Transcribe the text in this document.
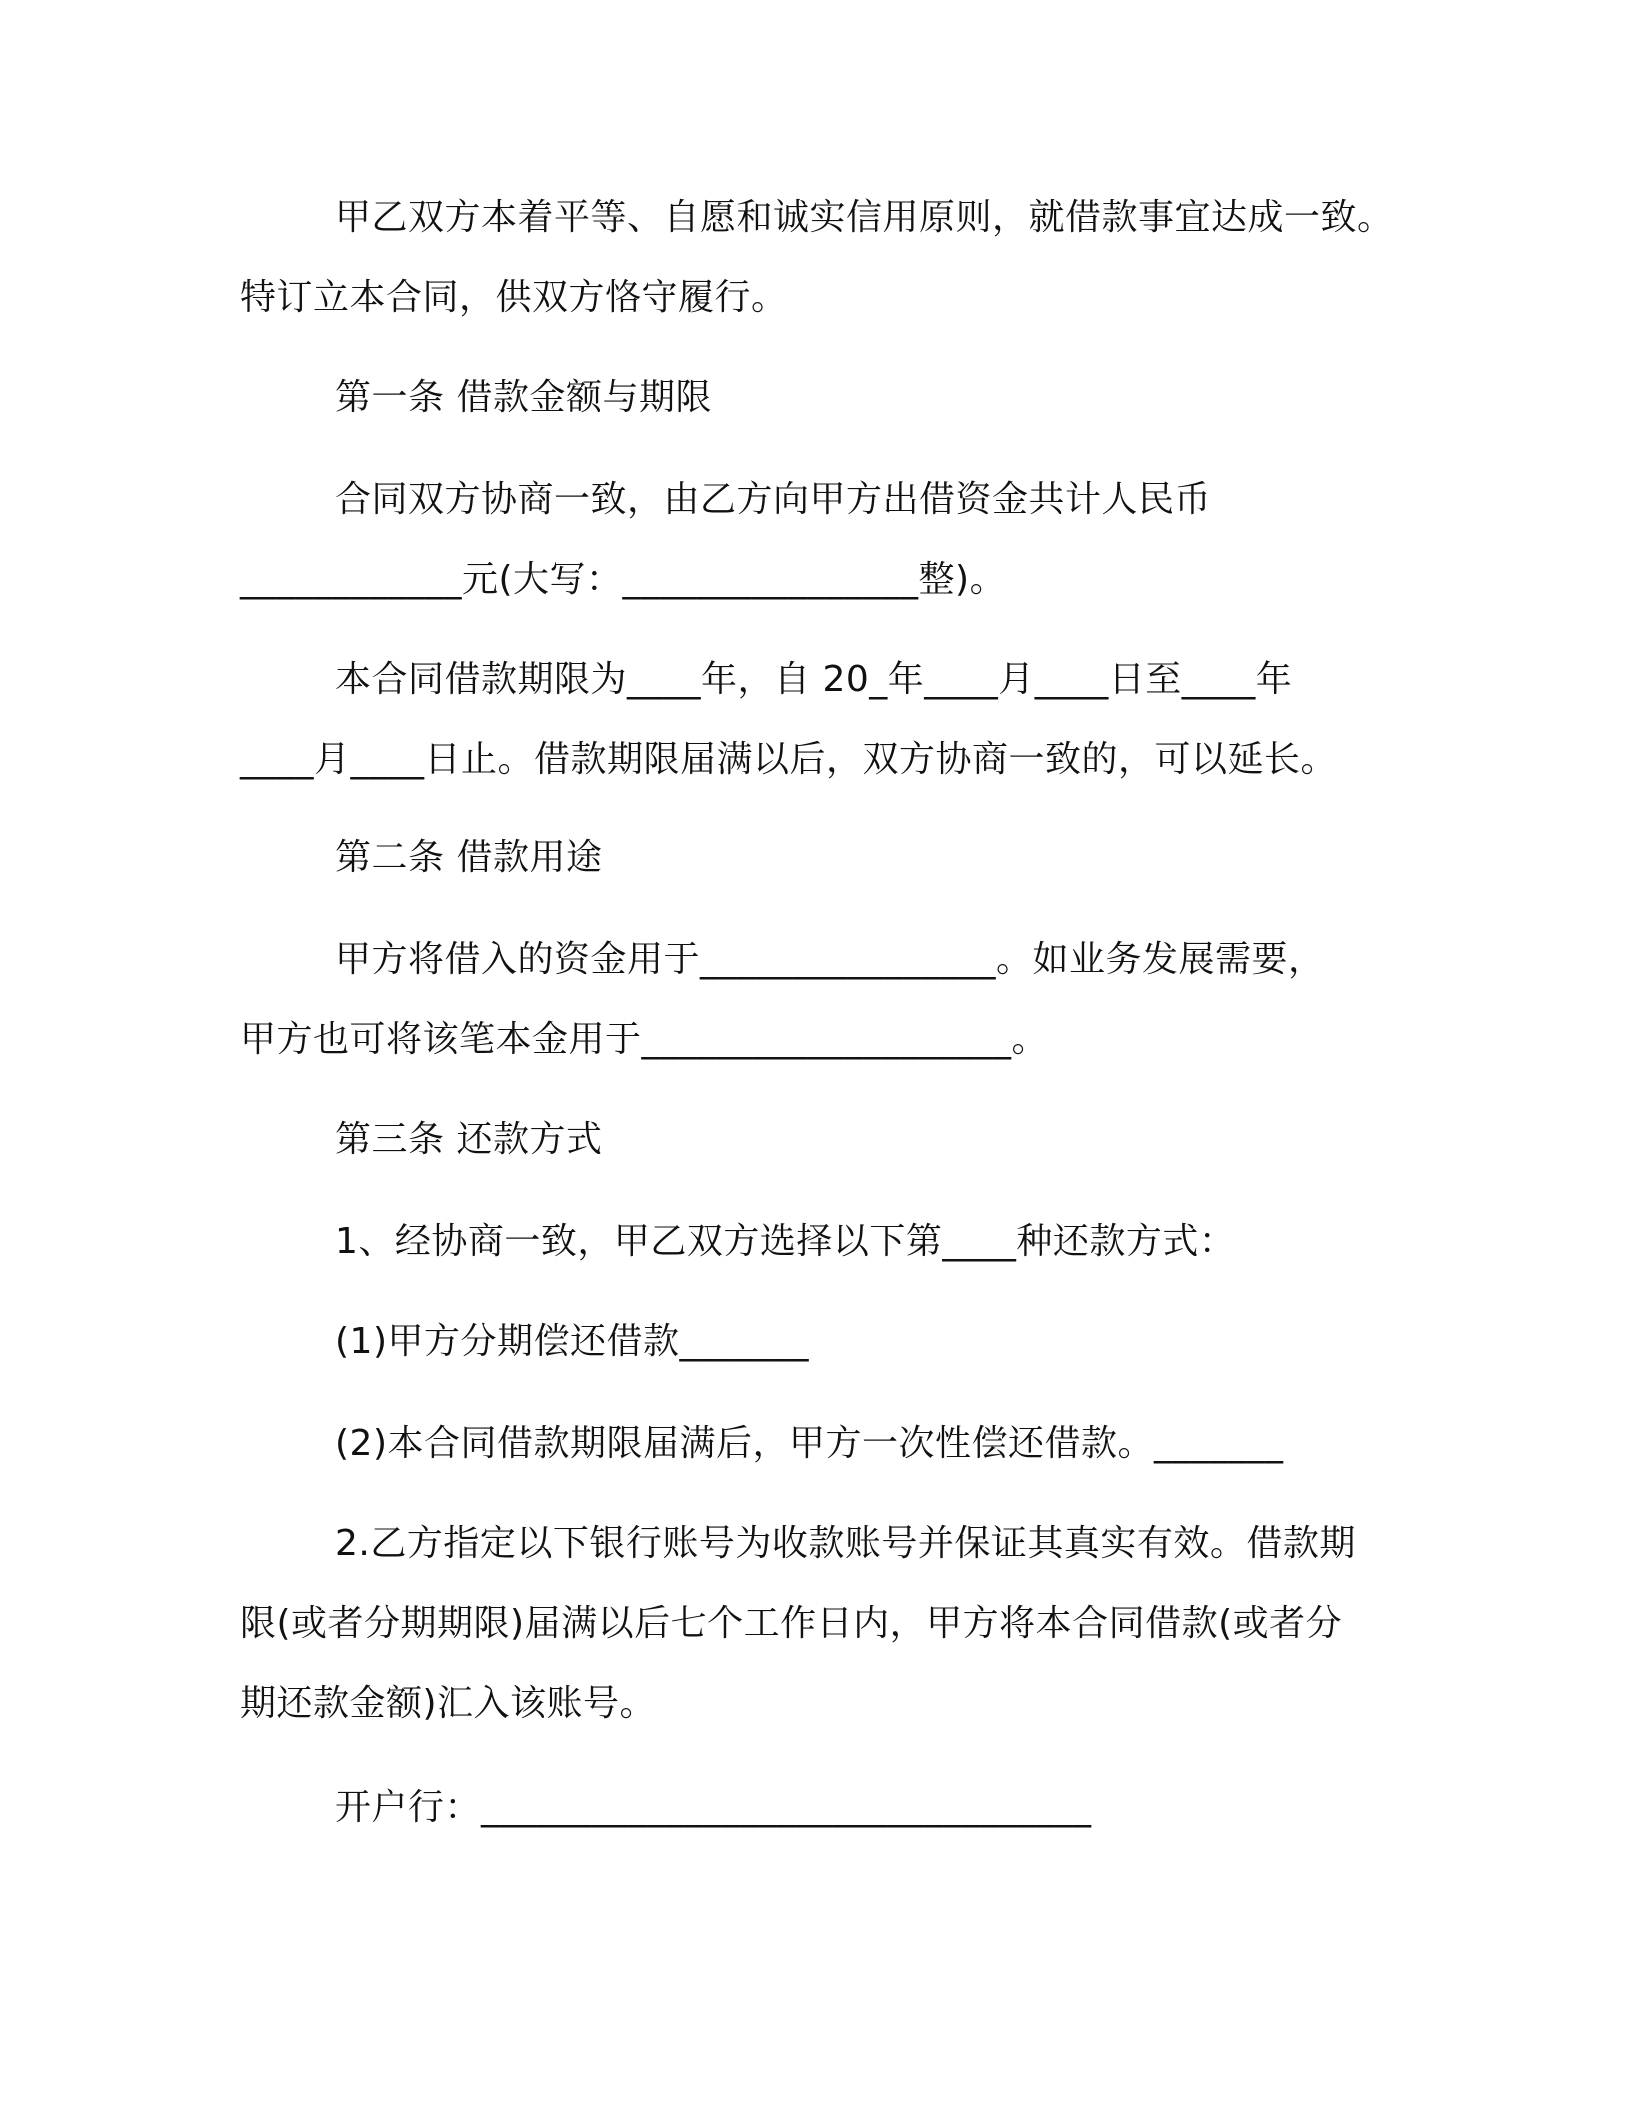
甲乙双方本着平等、自愿和诚实信用原则，就借款事宜达成一致。
特订立本合同，供双方恪守履行。
第一条 借款金额与期限
合同双方协商一致，由乙方向甲方出借资金共计人民币
____________元(大写：________________整)。
本合同借款期限为____年，自 20_年____月____日至____年
____月____日止。借款期限届满以后，双方协商一致的，可以延长。
第二条 借款用途
甲方将借入的资金用于________________。如业务发展需要，
甲方也可将该笔本金用于____________________。
第三条 还款方式
1、经协商一致，甲乙双方选择以下第____种还款方式：
(1)甲方分期偿还借款_______
(2)本合同借款期限届满后，甲方一次性偿还借款。_______
2.乙方指定以下银行账号为收款账号并保证其真实有效。借款期
限(或者分期期限)届满以后七个工作日内，甲方将本合同借款(或者分
期还款金额)汇入该账号。
开户行：_________________________________
